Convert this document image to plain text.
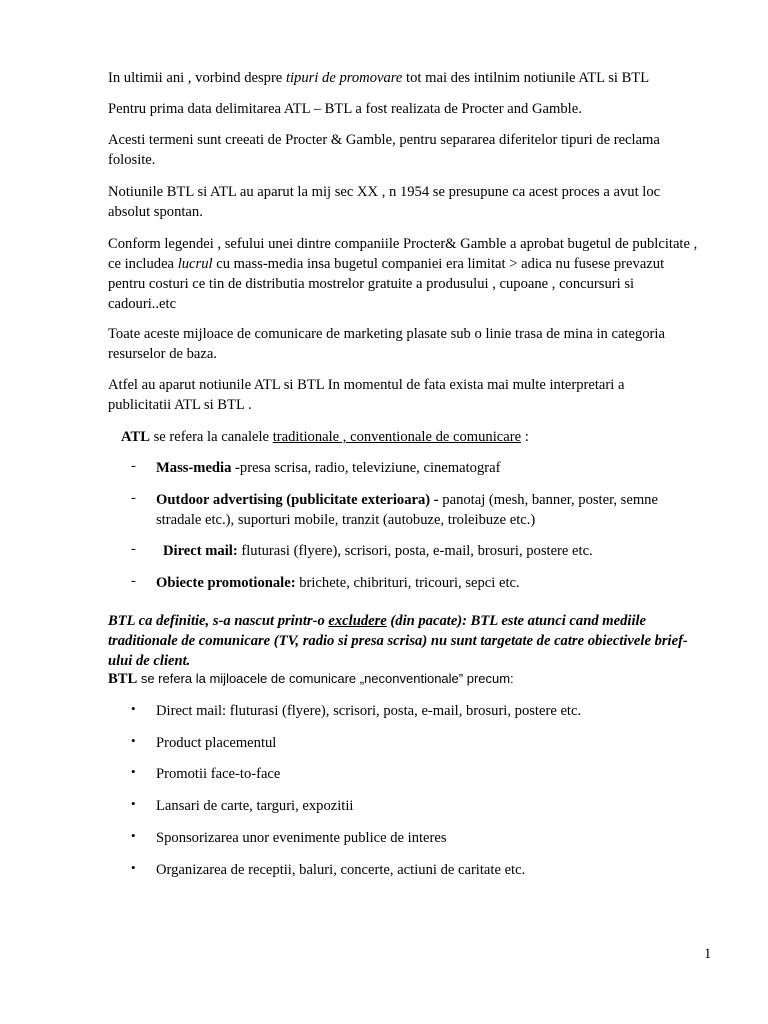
In ultimii ani , vorbind despre tipuri de promovare tot mai des intilnim notiunile ATL si BTL

Pentru prima data delimitarea ATL – BTL a fost realizata de Procter and Gamble.

Acesti termeni sunt creeati de Procter & Gamble, pentru separarea diferitelor tipuri de reclama folosite.

Notiunile BTL si ATL au aparut la mij sec XX , n 1954 se presupune ca acest proces a avut loc absolut spontan.

Conform legendei , sefului unei dintre companiile Procter& Gamble a aprobat bugetul de publcitate , ce includea lucrul cu mass-media insa bugetul companiei era limitat > adica nu fusese prevazut pentru costuri ce tin de distributia mostrelor gratuite a produsului , cupoane , concursuri si cadouri..etc

Toate aceste mijloace de comunicare de marketing plasate sub o linie trasa de mina in categoria resurselor de baza.

Atfel au aparut notiunile ATL si BTL In momentul de fata exista mai multe interpretari a publicitatii ATL si BTL .

ATL se refera la canalele traditionale , conventionale de comunicare :

- Mass-media -presa scrisa, radio, televiziune, cinematograf
- Outdoor advertising (publicitate exterioara) - panotaj (mesh, banner, poster, semne stradale etc.), suporturi mobile, tranzit (autobuze, troleibuze etc.)
- Direct mail: fluturasi (flyere), scrisori, posta, e-mail, brosuri, postere etc.
- Obiecte promotionale: brichete, chibrituri, tricouri, sepci etc.

BTL ca definitie, s-a nascut printr-o excludere (din pacate): BTL este atunci cand mediile traditionale de comunicare (TV, radio si presa scrisa) nu sunt targetate de catre obiectivele brief-ului de client.

BTL se refera la mijloacele de comunicare „neconventionale” precum:

• Direct mail: fluturasi (flyere), scrisori, posta, e-mail, brosuri, postere etc.
• Product placementul
• Promotii face-to-face
• Lansari de carte, targuri, expozitii
• Sponsorizarea unor evenimente publice de interes
• Organizarea de receptii, baluri, concerte, actiuni de caritate etc.
1
